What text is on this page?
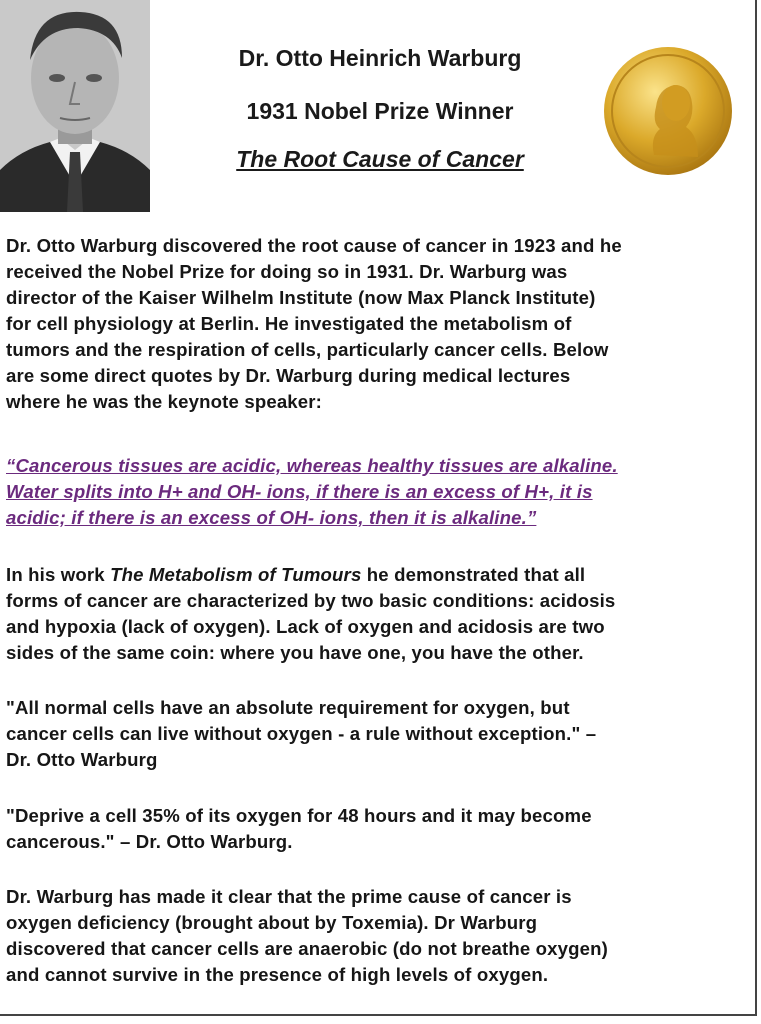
Dr. Otto Heinrich Warburg
1931 Nobel Prize Winner
The Root Cause of Cancer
Dr. Otto Warburg discovered the root cause of cancer in 1923 and he
received the Nobel Prize for doing so in 1931. Dr. Warburg was
director of the Kaiser Wilhelm Institute (now Max Planck Institute)
for cell physiology at Berlin. He investigated the metabolism of
tumors and the respiration of cells, particularly cancer cells. Below
are some direct quotes by Dr. Warburg during medical lectures
where he was the keynote speaker:
“Cancerous tissues are acidic, whereas healthy tissues are alkaline.
Water splits into H+ and OH- ions, if there is an excess of H+, it is
acidic; if there is an excess of OH- ions, then it is alkaline.”
In his work The Metabolism of Tumours he demonstrated that all
forms of cancer are characterized by two basic conditions: acidosis
and hypoxia (lack of oxygen). Lack of oxygen and acidosis are two
sides of the same coin: where you have one, you have the other.
"All normal cells have an absolute requirement for oxygen, but
cancer cells can live without oxygen - a rule without exception." –
Dr. Otto Warburg
"Deprive a cell 35% of its oxygen for 48 hours and it may become
cancerous." – Dr. Otto Warburg.
Dr. Warburg has made it clear that the prime cause of cancer is
oxygen deficiency (brought about by Toxemia). Dr Warburg
discovered that cancer cells are anaerobic (do not breathe oxygen)
and cannot survive in the presence of high levels of oxygen.
